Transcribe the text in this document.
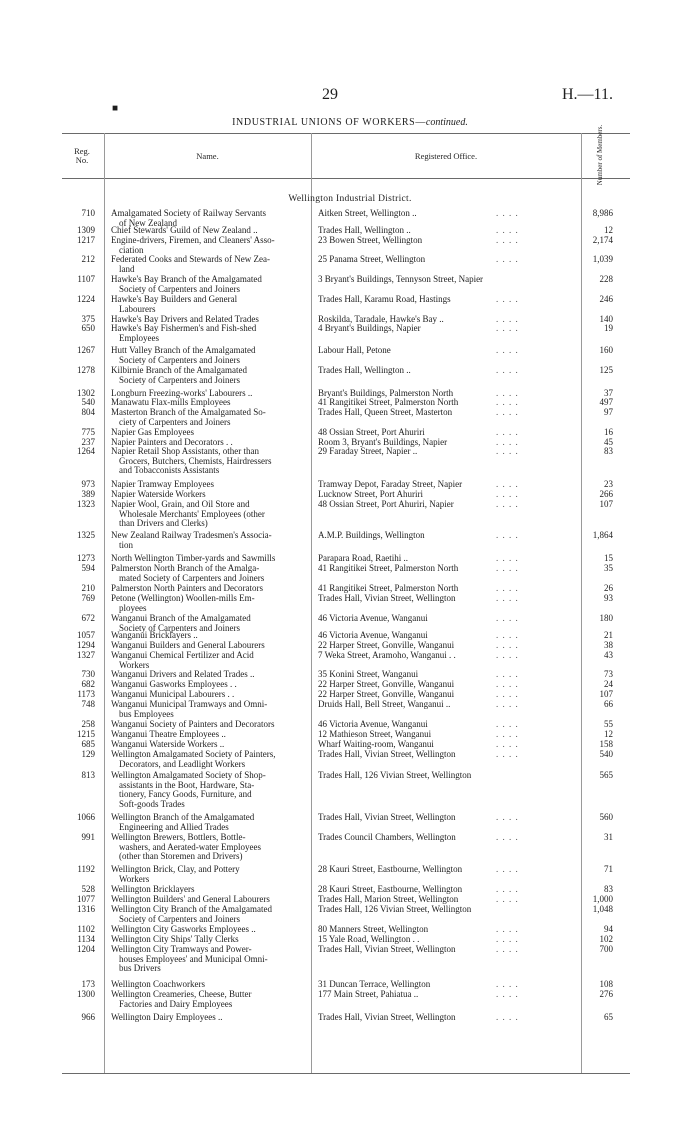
29	H.—11.
■
INDUSTRIAL UNIONS OF WORKERS—continued.
Reg.
No.	Name.	Registered Office.	Number of Members.
Wellington Industrial District.
710 Amalgamated Society of Railway Servants
of New Zealand
Aitken Street, Wellington ..	. . . .	8,986
1309 Chief Stewards' Guild of New Zealand ..	Trades Hall, Wellington ..	. . . .	12
1217 Engine-drivers, Firemen, and Cleaners' Asso-
ciation
23 Bowen Street, Wellington	. . . .	2,174
212 Federated Cooks and Stewards of New Zea-
land
25 Panama Street, Wellington	. . . .	1,039
1107 Hawke's Bay Branch of the Amalgamated
Society of Carpenters and Joiners
3 Bryant's Buildings, Tennyson Street, Napier	228
1224 Hawke's Bay Builders and General
Labourers
Trades Hall, Karamu Road, Hastings	. . . .	246
375 Hawke's Bay Drivers and Related Trades	Roskilda, Taradale, Hawke's Bay ..	. . . .	140
650 Hawke's Bay Fishermen's and Fish-shed
Employees
4 Bryant's Buildings, Napier	. . . .	19
1267 Hutt Valley Branch of the Amalgamated
Society of Carpenters and Joiners
Labour Hall, Petone	. . . .	160
1278 Kilbirnie Branch of the Amalgamated
Society of Carpenters and Joiners
Trades Hall, Wellington ..	. . . .	125
1302 Longburn Freezing-works' Labourers ..	Bryant's Buildings, Palmerston North	. . . .	37
540 Manawatu Flax-mills Employees	41 Rangitikei Street, Palmerston North	. . . .	497
804 Masterton Branch of the Amalgamated So-
ciety of Carpenters and Joiners
Trades Hall, Queen Street, Masterton	. . . .	97
775 Napier Gas Employees	48 Ossian Street, Port Ahuriri	. . . .	16
237 Napier Painters and Decorators . .	Room 3, Bryant's Buildings, Napier	. . . .	45
1264 Napier Retail Shop Assistants, other than
Grocers, Butchers, Chemists, Hairdressers
and Tobacconists Assistants
29 Faraday Street, Napier ..	. . . .	83
973 Napier Tramway Employees	Tramway Depot, Faraday Street, Napier	. . . .	23
389 Napier Waterside Workers	Lucknow Street, Port Ahuriri	. . . .	266
1323 Napier Wool, Grain, and Oil Store and
Wholesale Merchants' Employees (other
than Drivers and Clerks)
48 Ossian Street, Port Ahuriri, Napier	. . . .	107
1325 New Zealand Railway Tradesmen's Associa-
tion
A.M.P. Buildings, Wellington	. . . .	1,864
1273 North Wellington Timber-yards and Sawmills	Parapara Road, Raetihi ..	. . . .	15
594 Palmerston North Branch of the Amalga-
mated Society of Carpenters and Joiners
41 Rangitikei Street, Palmerston North	. . . .	35
210 Palmerston North Painters and Decorators	41 Rangitikei Street, Palmerston North	. . . .	26
769 Petone (Wellington) Woollen-mills Em-
ployees
Trades Hall, Vivian Street, Wellington	. . . .	93
672 Wanganui Branch of the Amalgamated
Society of Carpenters and Joiners
46 Victoria Avenue, Wanganui	. . . .	180
1057 Wanganui Bricklayers ..	46 Victoria Avenue, Wanganui	. . . .	21
1294 Wanganui Builders and General Labourers	22 Harper Street, Gonville, Wanganui	. . . .	38
1327 Wanganui Chemical Fertilizer and Acid
Workers
7 Weka Street, Aramoho, Wanganui . .	. . . .	43
730 Wanganui Drivers and Related Trades ..	35 Konini Street, Wanganui	. . . .	73
682 Wanganui Gasworks Employees . .	22 Harper Street, Gonville, Wanganui	. . . .	24
1173 Wanganui Municipal Labourers . .	22 Harper Street, Gonville, Wanganui	. . . .	107
748 Wanganui Municipal Tramways and Omni-
bus Employees
Druids Hall, Bell Street, Wanganui ..	. . . .	66
258 Wanganui Society of Painters and Decorators	46 Victoria Avenue, Wanganui	. . . .	55
1215 Wanganui Theatre Employees ..	12 Mathieson Street, Wanganui	. . . .	12
685 Wanganui Waterside Workers ..	Wharf Waiting-room, Wanganui	. . . .	158
129 Wellington Amalgamated Society of Painters,
Decorators, and Leadlight Workers
Trades Hall, Vivian Street, Wellington	. . . .	540
813 Wellington Amalgamated Society of Shop-
assistants in the Boot, Hardware, Sta-
tionery, Fancy Goods, Furniture, and
Soft-goods Trades
Trades Hall, 126 Vivian Street, Wellington	565
1066 Wellington Branch of the Amalgamated
Engineering and Allied Trades
Trades Hall, Vivian Street, Wellington	. . . .	560
991 Wellington Brewers, Bottlers, Bottle-
washers, and Aerated-water Employees
(other than Storemen and Drivers)
Trades Council Chambers, Wellington	. . . .	31
1192 Wellington Brick, Clay, and Pottery
Workers
28 Kauri Street, Eastbourne, Wellington	. . . .	71
528 Wellington Bricklayers	28 Kauri Street, Eastbourne, Wellington	. . . .	83
1077 Wellington Builders' and General Labourers	Trades Hall, Marion Street, Wellington	. . . .	1,000
1316 Wellington City Branch of the Amalgamated
Society of Carpenters and Joiners
Trades Hall, 126 Vivian Street, Wellington	1,048
1102 Wellington City Gasworks Employees ..	80 Manners Street, Wellington	. . . .	94
1134 Wellington City Ships' Tally Clerks	15 Yale Road, Wellington . .	. . . .	102
1204 Wellington City Tramways and Power-
houses Employees' and Municipal Omni-
bus Drivers
Trades Hall, Vivian Street, Wellington	. . . .	700
173 Wellington Coachworkers	31 Duncan Terrace, Wellington	. . . .	108
1300 Wellington Creameries, Cheese, Butter
Factories and Dairy Employees
177 Main Street, Pahiatua ..	. . . .	276
966 Wellington Dairy Employees ..	Trades Hall, Vivian Street, Wellington	. . . .	65
